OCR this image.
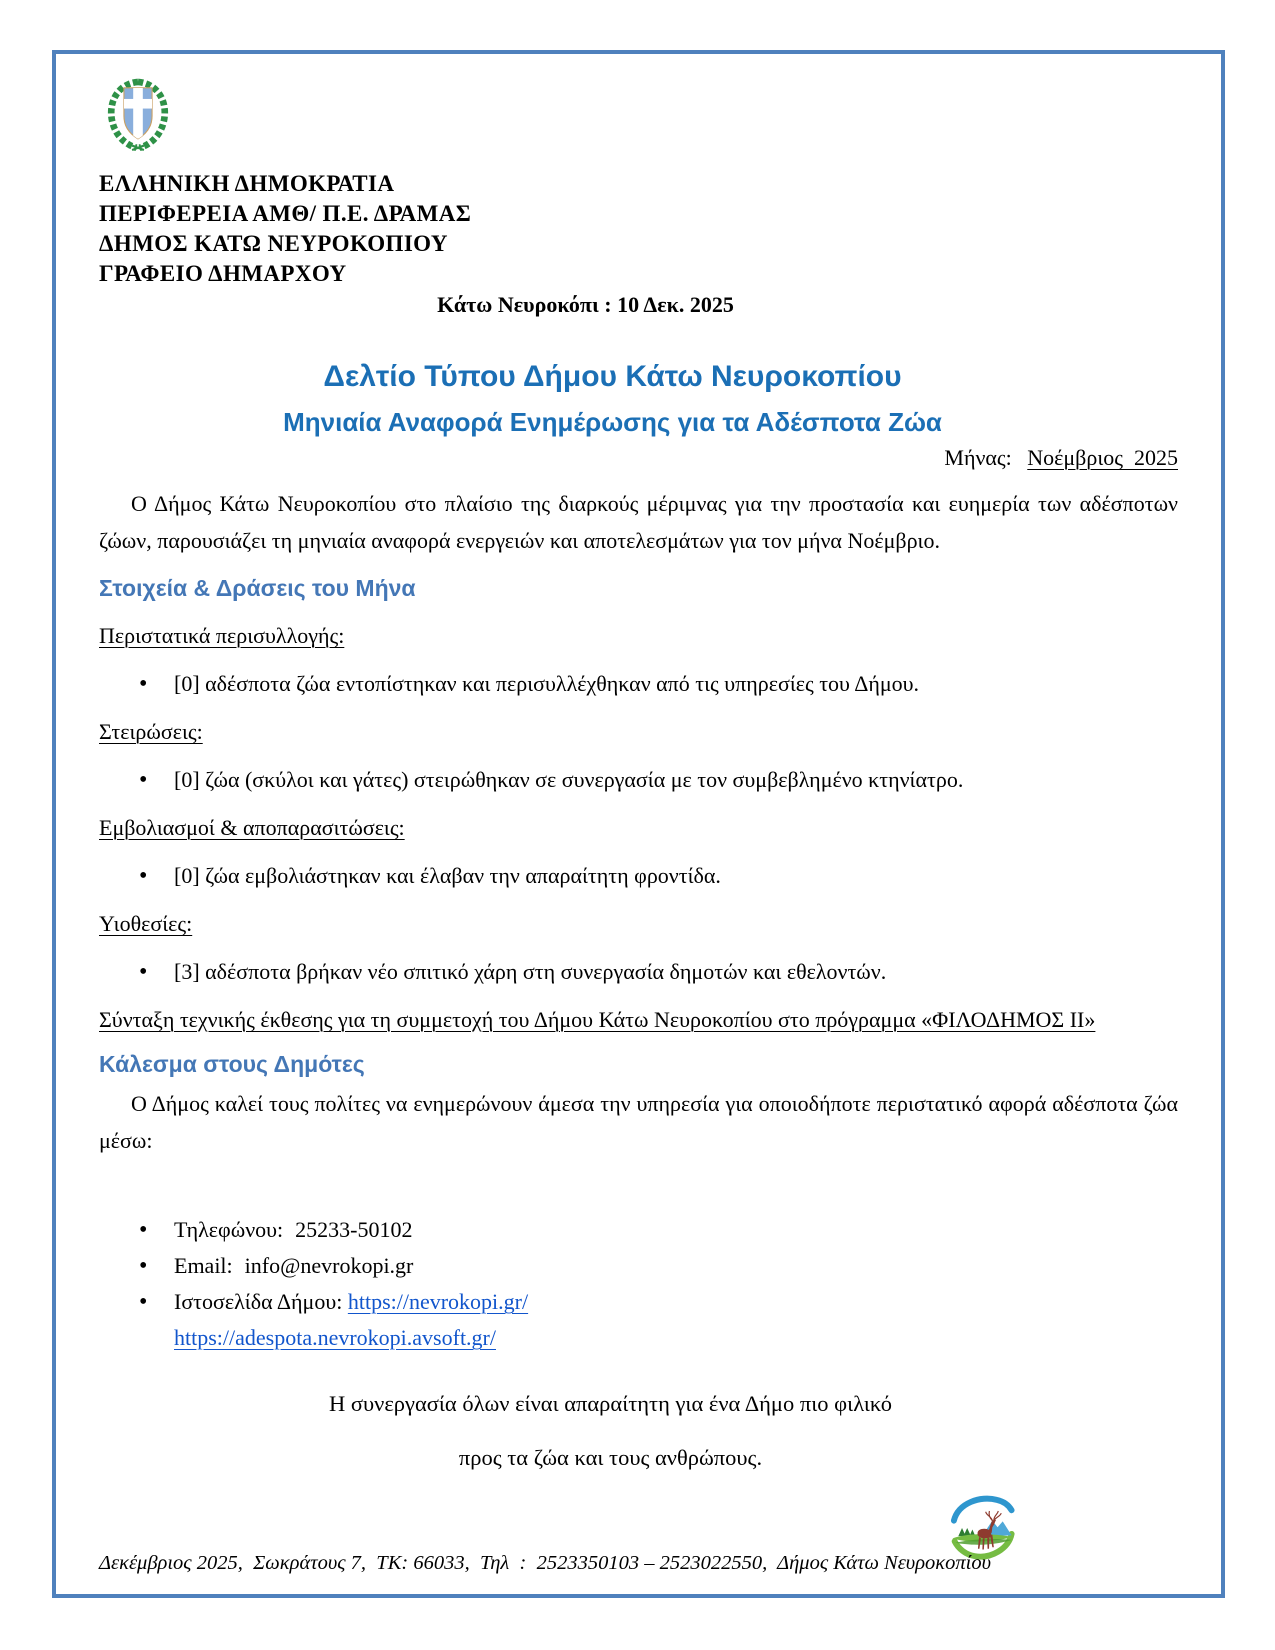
ΕΛΛΗΝΙΚΗ ΔΗΜΟΚΡΑΤΙΑ
ΠΕΡΙΦΕΡΕΙΑ ΑΜΘ/ Π.Ε. ΔΡΑΜΑΣ
ΔΗΜΟΣ ΚΑΤΩ ΝΕΥΡΟΚΟΠΙΟΥ
ΓΡΑΦΕΙΟ ΔΗΜΑΡΧΟΥ
Κάτω Νευροκόπι : 10 Δεκ. 2025
Δελτίο Τύπου Δήμου Κάτω Νευροκοπίου
Μηνιαία Αναφορά Ενημέρωσης για τα Αδέσποτα Ζώα
Μήνας: Νοέμβριος  2025

Ο Δήμος Κάτω Νευροκοπίου στο πλαίσιο της διαρκούς μέριμνας για την προστασία και ευημερία των αδέσποτων ζώων, παρουσιάζει τη μηνιαία αναφορά ενεργειών και αποτελεσμάτων για τον μήνα Νοέμβριο.

Στοιχεία & Δράσεις του Μήνα
Περιστατικά περισυλλογής:
•
[0] αδέσποτα ζώα εντοπίστηκαν και περισυλλέχθηκαν από τις υπηρεσίες του Δήμου.
Στειρώσεις:
•
[0] ζώα (σκύλοι και γάτες) στειρώθηκαν σε συνεργασία με τον συμβεβλημένο κτηνίατρο.
Εμβολιασμοί & αποπαρασιτώσεις:
•
[0] ζώα εμβολιάστηκαν και έλαβαν την απαραίτητη φροντίδα.
Υιοθεσίες:
•
[3] αδέσποτα βρήκαν νέο σπιτικό χάρη στη συνεργασία δημοτών και εθελοντών.
Σύνταξη τεχνικής έκθεσης για τη συμμετοχή του Δήμου Κάτω Νευροκοπίου στο πρόγραμμα «ΦΙΛΟΔΗΜΟΣ ΙΙ»
Κάλεσμα στους Δημότες

Ο Δήμος καλεί τους πολίτες να ενημερώνουν άμεσα την υπηρεσία για οποιοδήποτε περιστατικό αφορά αδέσποτα ζώα μέσω:

•
Τηλεφώνου: 25233-50102
•
Email: info@nevrokopi.gr
•
Ιστοσελίδα Δήμου: https://nevrokopi.gr/
https://adespota.nevrokopi.avsoft.gr/
Η συνεργασία όλων είναι απαραίτητη για ένα Δήμο πιο φιλικό
προς τα ζώα και τους ανθρώπους.
Δεκέμβριος 2025,  Σωκράτους 7,  ΤΚ: 66033,  Τηλ  :  2523350103 – 2523022550,  Δήμος Κάτω Νευροκοπίου
